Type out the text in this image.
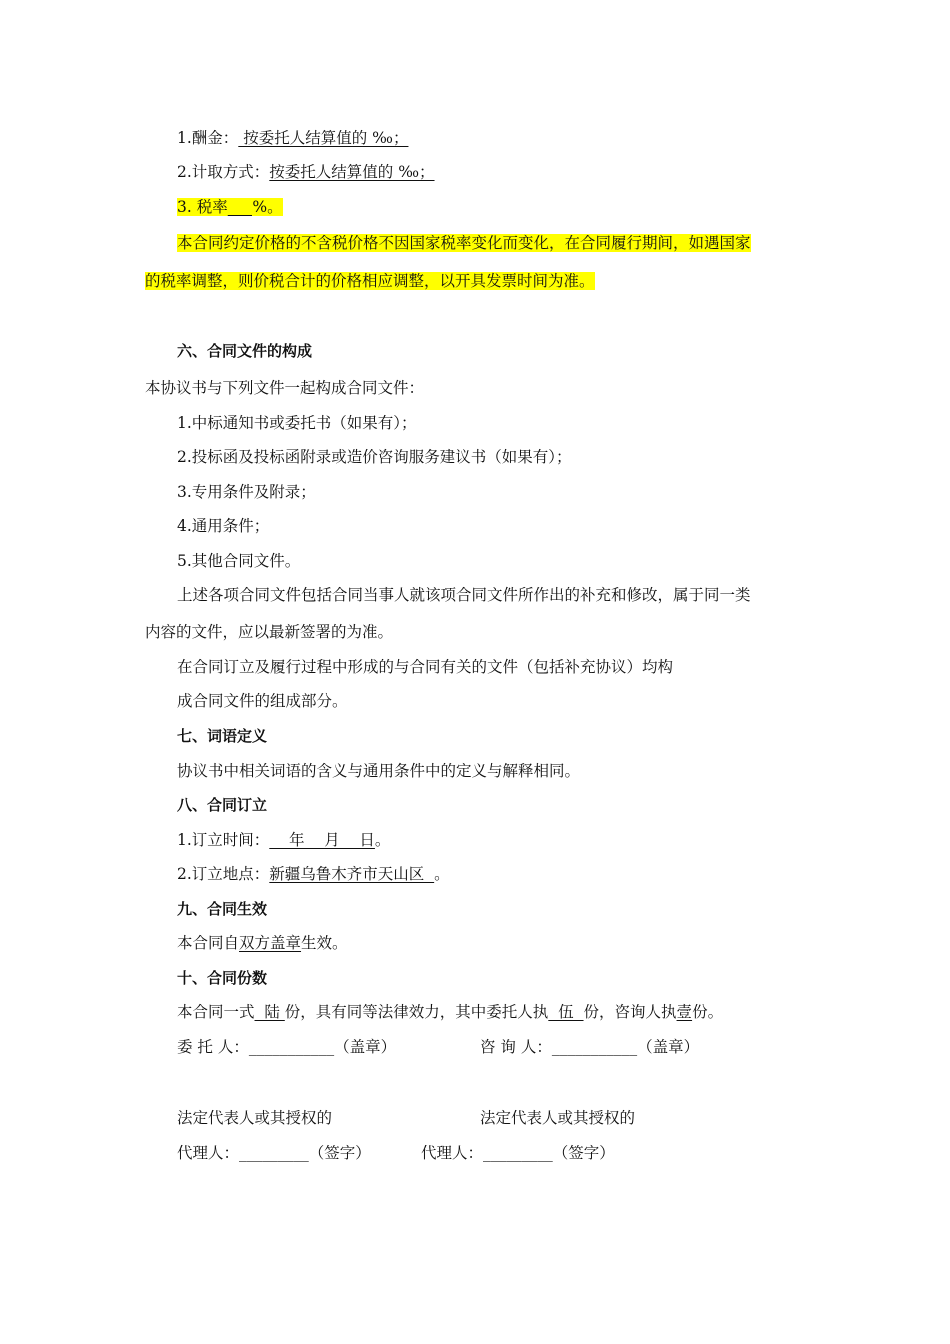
1.酬金： 按委托人结算值的 ‰；
2.计取方式：按委托人结算值的 ‰；
3. 税率 %。
本合同约定价格的不含税价格不因国家税率变化而变化，在合同履行期间，如遇国家
的税率调整，则价税合计的价格相应调整，以开具发票时间为准。
六、合同文件的构成
本协议书与下列文件一起构成合同文件：
1.中标通知书或委托书（如果有）；
2.投标函及投标函附录或造价咨询服务建议书（如果有）；
3.专用条件及附录；
4.通用条件；
5.其他合同文件。
上述各项合同文件包括合同当事人就该项合同文件所作出的补充和修改，属于同一类
内容的文件，应以最新签署的为准。
在合同订立及履行过程中形成的与合同有关的文件（包括补充协议）均构
成合同文件的组成部分。
七、词语定义
协议书中相关词语的含义与通用条件中的定义与解释相同。
八、合同订立
1.订立时间：    年    月    日。
2.订立地点：新疆乌鲁木齐市天山区  。
九、合同生效
本合同自双方盖章生效。
十、合同份数
本合同一式  陆 份，具有同等法律效力，其中委托人执  伍  份，咨询人执壹份。
委 托 人：___________（盖章）	咨 询 人：___________（盖章）
法定代表人或其授权的	法定代表人或其授权的
代理人：_________（签字）	代理人：_________（签字）
